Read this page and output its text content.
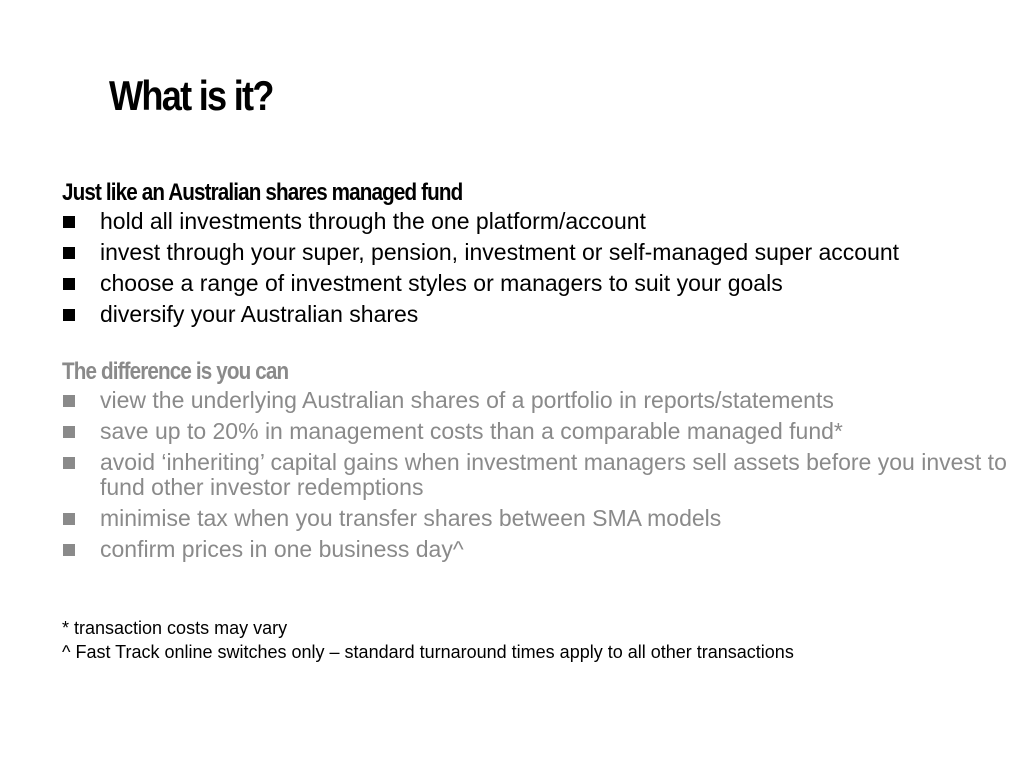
What is it?

Just like an Australian shares managed fund

hold all investments through the one platform/account
invest through your super, pension, investment or self-managed super account
choose a range of investment styles or managers to suit your goals
diversify your Australian shares

The difference is you can

view the underlying Australian shares of a portfolio in reports/statements
save up to 20% in management costs than a comparable managed fund*
avoid ‘inheriting’ capital gains when investment managers sell assets before you invest to fund other investor redemptions
minimise tax when you transfer shares between SMA models
confirm prices in one business day^
* transaction costs may vary
^ Fast Track online switches only – standard turnaround times apply to all other transactions
